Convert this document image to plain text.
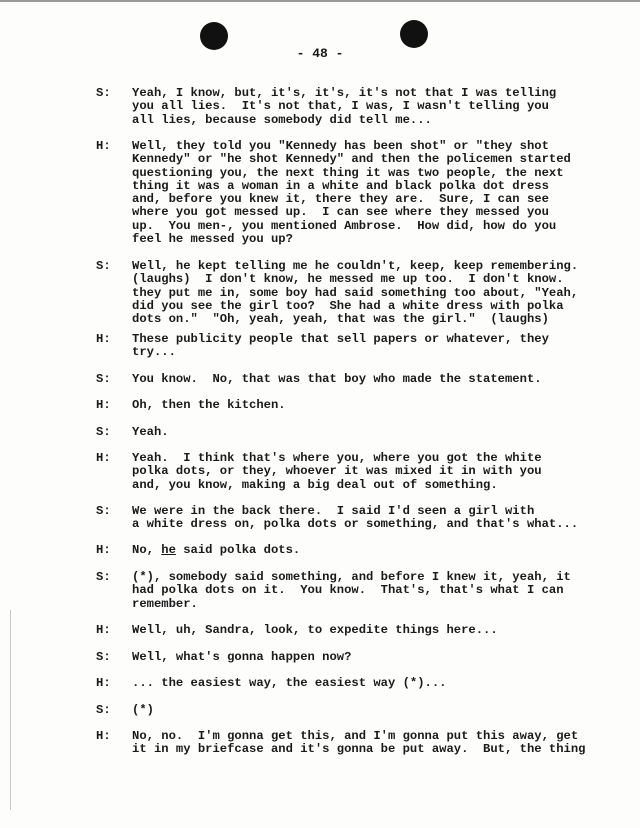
- 48 -
S:	Yeah, I know, but, it's, it's, it's not that I was telling
you all lies.  It's not that, I was, I wasn't telling you
all lies, because somebody did tell me...
H:	Well, they told you "Kennedy has been shot" or "they shot
Kennedy" or "he shot Kennedy" and then the policemen started
questioning you, the next thing it was two people, the next
thing it was a woman in a white and black polka dot dress
and, before you knew it, there they are.  Sure, I can see
where you got messed up.  I can see where they messed you
up.  You men-, you mentioned Ambrose.  How did, how do you
feel he messed you up?
S:	Well, he kept telling me he couldn't, keep, keep remembering.
(laughs)  I don't know, he messed me up too.  I don't know.
they put me in, some boy had said something too about, "Yeah,
did you see the girl too?  She had a white dress with polka
dots on."  "Oh, yeah, yeah, that was the girl."  (laughs)
H:	These publicity people that sell papers or whatever, they
try...
S:	You know.  No, that was that boy who made the statement.
H:	Oh, then the kitchen.
S:	Yeah.
H:	Yeah.  I think that's where you, where you got the white
polka dots, or they, whoever it was mixed it in with you
and, you know, making a big deal out of something.
S:	We were in the back there.  I said I'd seen a girl with
a white dress on, polka dots or something, and that's what...
H:	No, he said polka dots.
S:	(*), somebody said something, and before I knew it, yeah, it
had polka dots on it.  You know.  That's, that's what I can
remember.
H:	Well, uh, Sandra, look, to expedite things here...
S:	Well, what's gonna happen now?
H:	... the easiest way, the easiest way (*)...
S:	(*)
H:	No, no.  I'm gonna get this, and I'm gonna put this away, get
it in my briefcase and it's gonna be put away.  But, the thing
